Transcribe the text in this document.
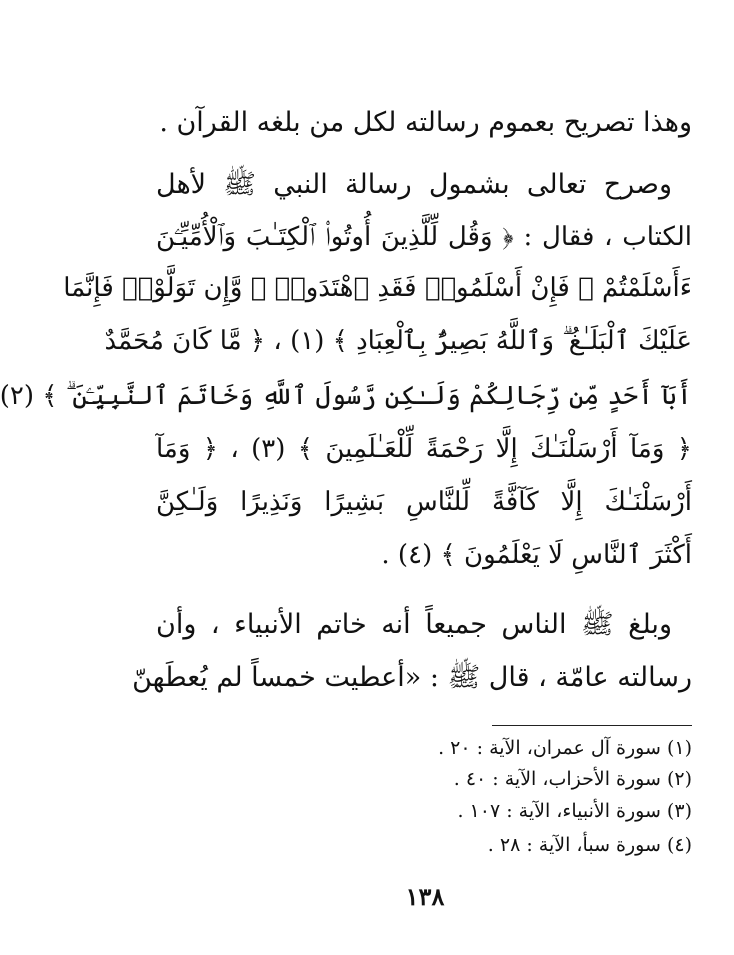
وهذا تصريح بعموم رسالته لكل من بلغه القرآن .
وصرح تعالى بشمول رسالة النبي ﷺ لأهل
الكتاب ، فقال : ﴿ وَقُل لِّلَّذِينَ أُوتُوا۟ ٱلْكِتَـٰبَ وَٱلْأُمِّيِّـۧنَ
ءَأَسْلَمْتُمْ ۚ فَإِنْ أَسْلَمُوا۟ فَقَدِ ٱهْتَدَوا۟ ۖ وَّإِن تَوَلَّوْا۟ فَإِنَّمَا
عَلَيْكَ ٱلْبَلَـٰغُ ۗ وَٱللَّهُ بَصِيرٌۢ بِٱلْعِبَادِ ﴾ (١) ، ﴿ مَّا كَانَ مُحَمَّدٌ
أَبَآ أَحَدٍ مِّن رِّجَالِكُمْ وَلَـٰكِن رَّسُولَ ٱللَّهِ وَخَاتَمَ ٱلنَّبِيِّـۧنَ ۗ ﴾ (٢)
﴿ وَمَآ أَرْسَلْنَـٰكَ إِلَّا رَحْمَةً لِّلْعَـٰلَمِينَ ﴾ (٣) ، ﴿ وَمَآ
أَرْسَلْنَـٰكَ إِلَّا كَآفَّةً لِّلنَّاسِ بَشِيرًا وَنَذِيرًا وَلَـٰكِنَّ
أَكْثَرَ ٱلنَّاسِ لَا يَعْلَمُونَ ﴾ (٤) .
وبلغ ﷺ الناس جميعاً أنه خاتم الأنبياء ، وأن
رسالته عامّة ، قال ﷺ : «أعطيت خمساً لم يُعطَهنّ
(١) سورة آل عمران، الآية : ٢٠ .
(٢) سورة الأحزاب، الآية : ٤٠ .
(٣) سورة الأنبياء، الآية : ١٠٧ .
(٤) سورة سبأ، الآية : ٢٨ .
١٣٨
